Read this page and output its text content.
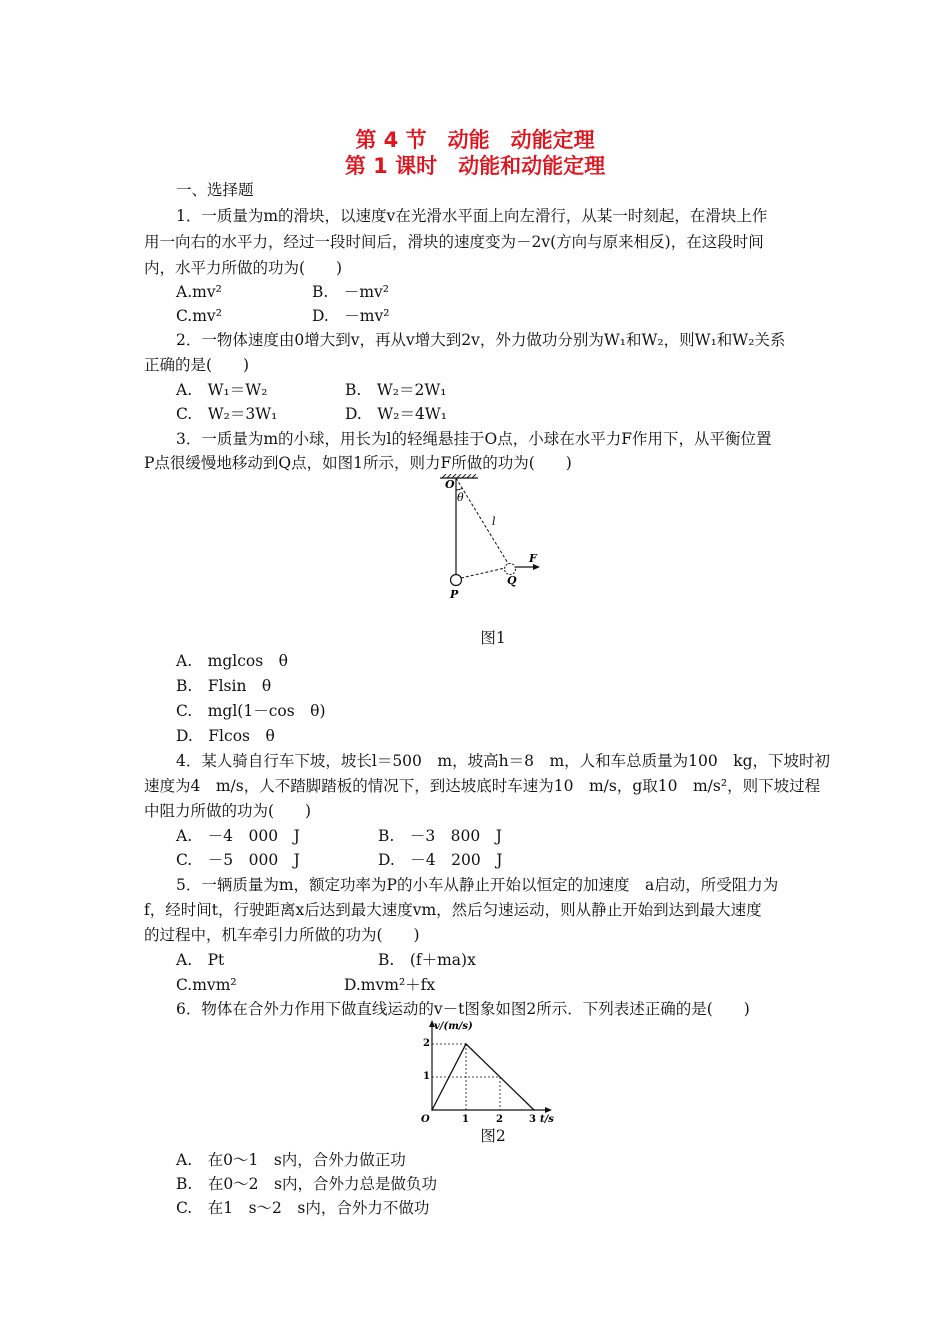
第 4 节　动能　动能定理
第 1 课时　动能和动能定理
一、选择题
1．一质量为m的滑块，以速度v在光滑水平面上向左滑行，从某一时刻起，在滑块上作
用一向右的水平力，经过一段时间后，滑块的速度变为－2v(方向与原来相反)，在这段时间
内，水平力所做的功为(　　)
A.mv²	B.　－mv²
C.mv²	D.　－mv²
2．一物体速度由0增大到v，再从v增大到2v，外力做功分别为W₁和W₂，则W₁和W₂关系
正确的是(　　)
A.　W₁＝W₂	B.　W₂＝2W₁
C.　W₂＝3W₁	D.　W₂＝4W₁
3．一质量为m的小球，用长为l的轻绳悬挂于O点，小球在水平力F作用下，从平衡位置
P点很缓慢地移动到Q点，如图1所示，则力F所做的功为(　　)
O
θ
l
F
P
Q
图1
A.　mglcos　θ
B.　Flsin　θ
C.　mgl(1－cos　θ)
D.　Flcos　θ
4．某人骑自行车下坡，坡长l＝500　m，坡高h＝8　m，人和车总质量为100　kg，下坡时初
速度为4　m/s，人不踏脚踏板的情况下，到达坡底时车速为10　m/s，g取10　m/s²，则下坡过程
中阻力所做的功为(　　)
A.　－4　000　J	B.　－3　800　J
C.　－5　000　J	D.　－4　200　J
5．一辆质量为m，额定功率为P的小车从静止开始以恒定的加速度　a启动，所受阻力为
f，经时间t，行驶距离x后达到最大速度vm，然后匀速运动，则从静止开始到达到最大速度
的过程中，机车牵引力所做的功为(　　)
A.　Pt	B.　(f＋ma)x
C.mvm²	D.mvm²＋fx
6．物体在合外力作用下做直线运动的v－t图象如图2所示．下列表述正确的是(　　)
v/(m/s)
t/s
O
2
1
1	2	3
图2
A.　在0～1　s内，合外力做正功
B.　在0～2　s内，合外力总是做负功
C.　在1　s～2　s内，合外力不做功
